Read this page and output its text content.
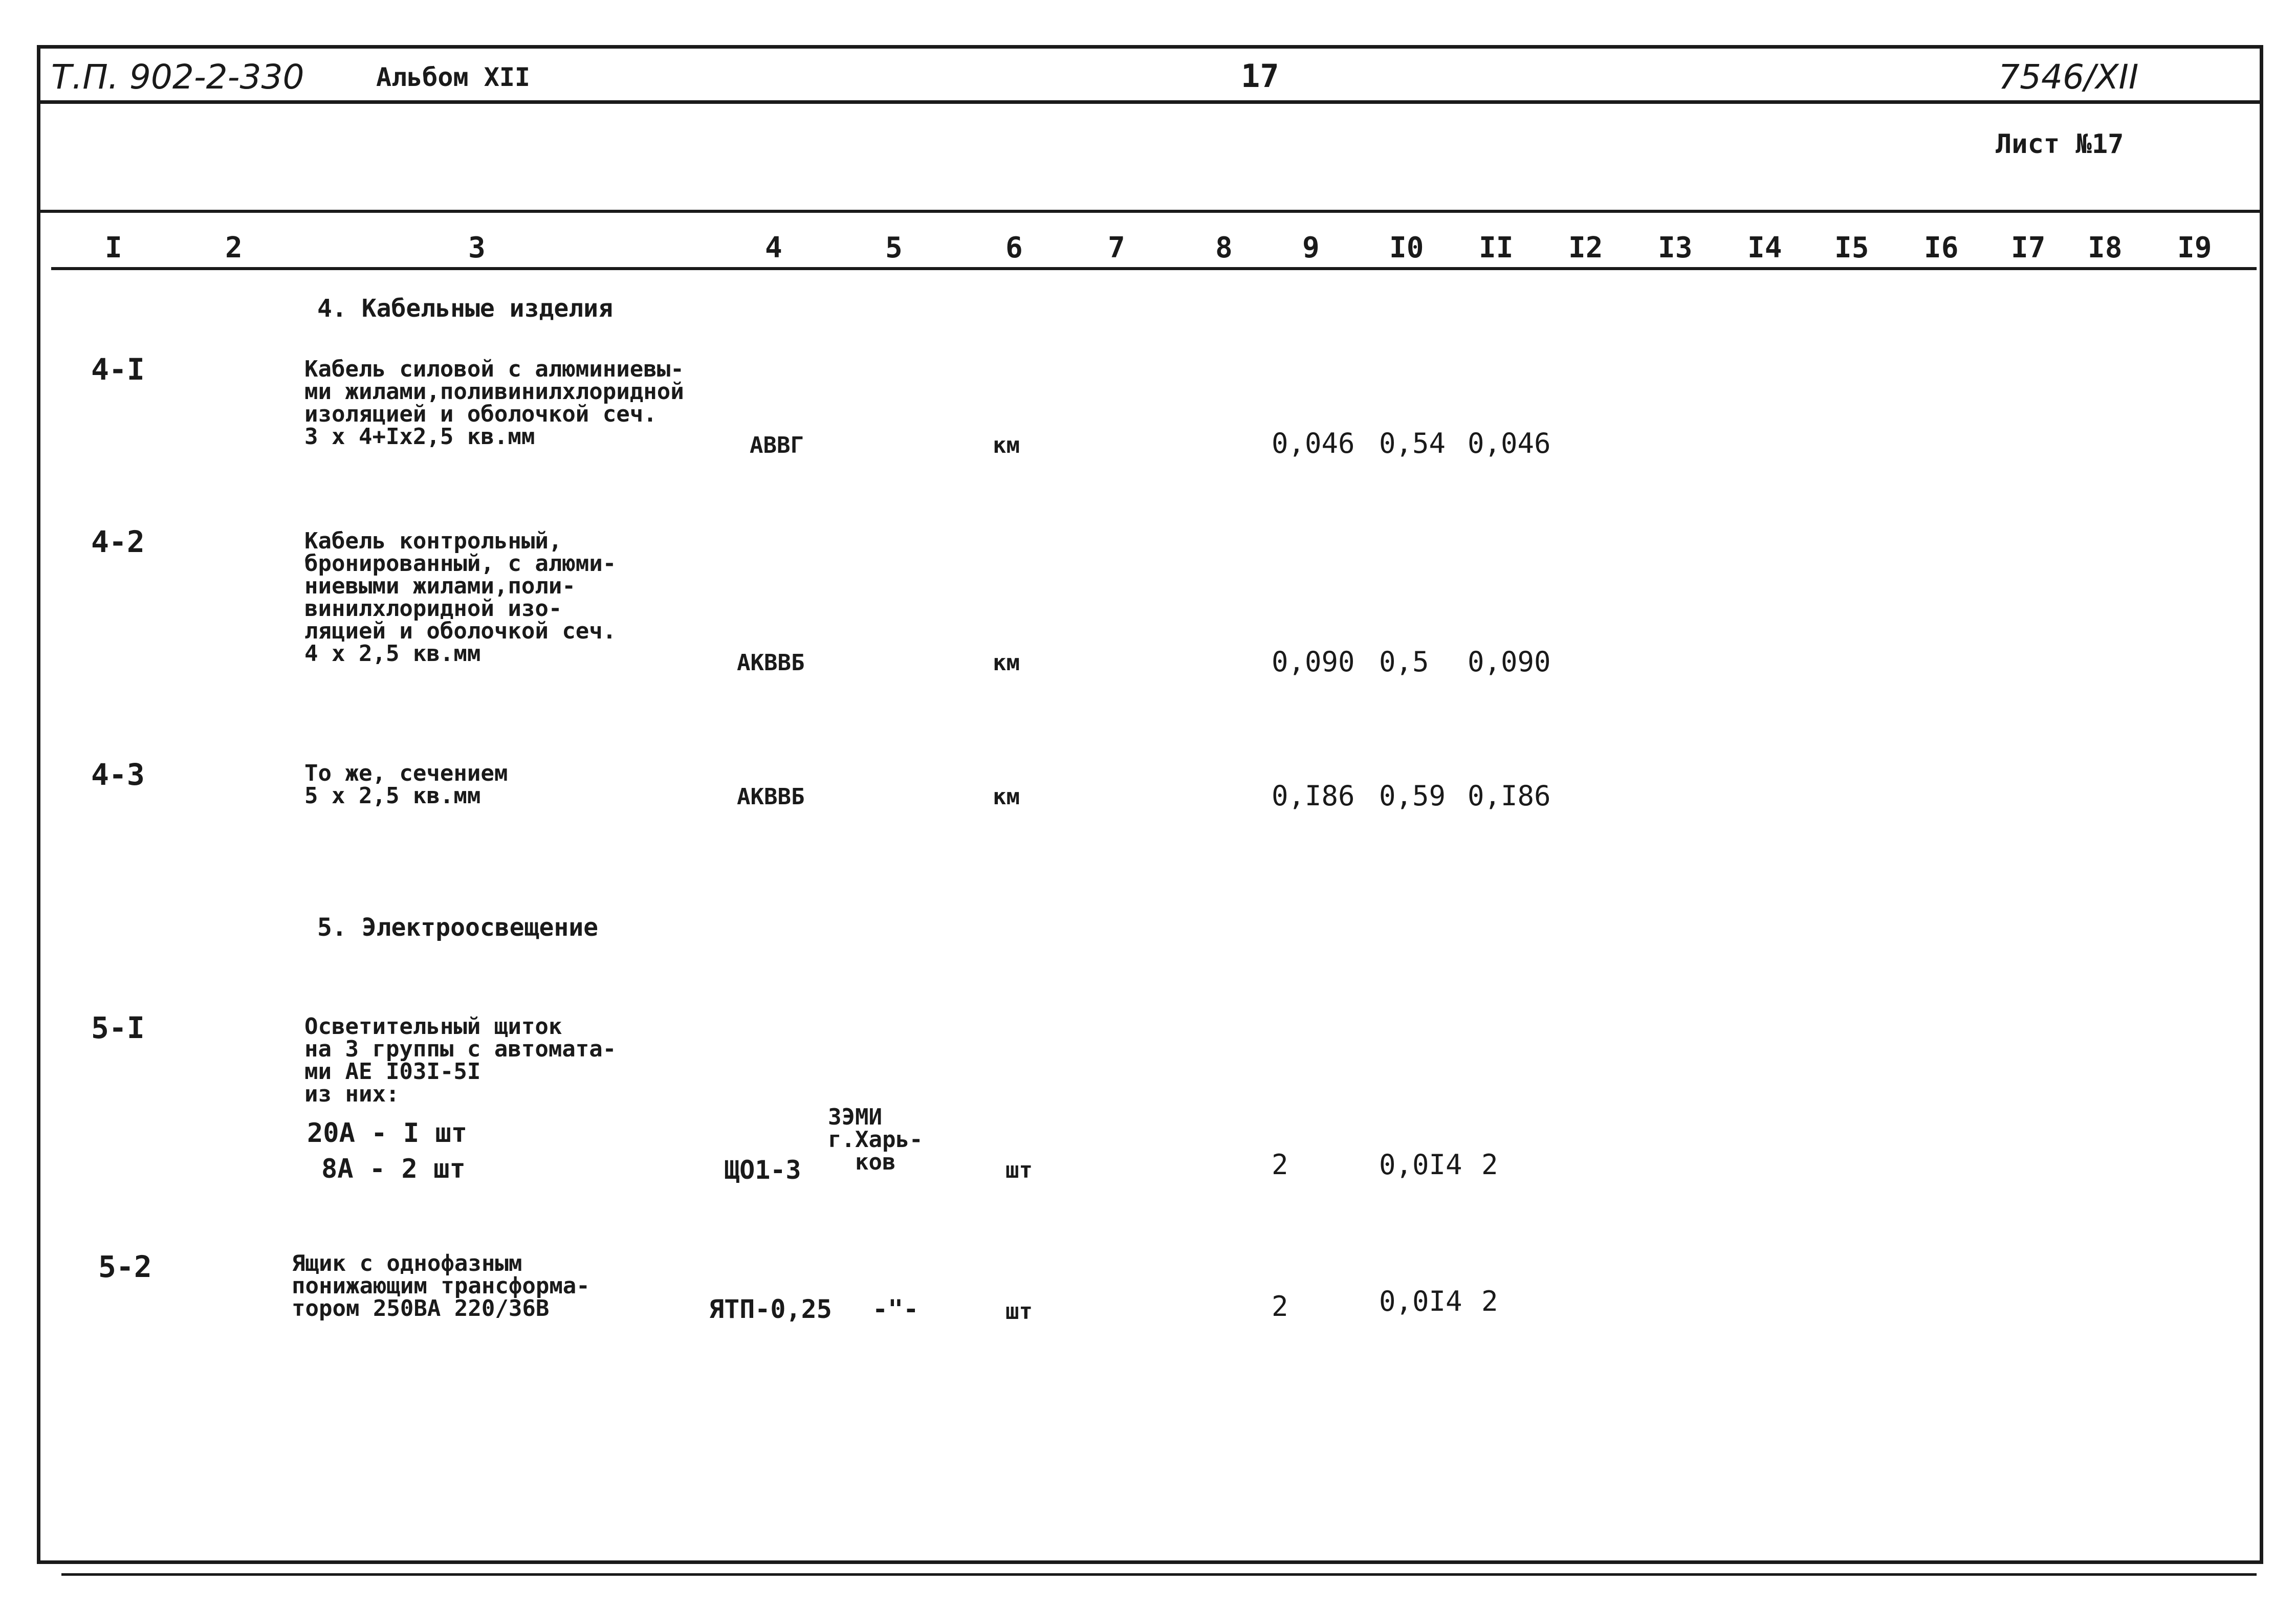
Т.П. 902-2-330	Альбом XII	17	7546/XII
Лист №17
I	2	3	4	5	6	7	8 9 I0 II I2 I3 I4 I5 I6 I7 I8 I9
4. Кабельные изделия
5. Электроосвещение
4-I	Кабель силовой с алюминиевы-
ми жилами,поливинилхлоридной
изоляцией и оболочкой сеч.
3 х 4+Iх2,5 кв.мм	АВВГ	км	0,046 0,54 0,046
4-2	Кабель контрольный,
бронированный, с алюми-
ниевыми жилами,поли-
винилхлоридной изо-
ляцией и оболочкой сеч.
4 х 2,5 кв.мм	АКВВБ	км	0,090 0,5 0,090
4-3	То же, сечением
5 х 2,5 кв.мм	АКВВБ	км	0,I86 0,59 0,I86
5-I	Осветительный щиток
на 3 группы с автомата-
ми АЕ I03I-5I
из них:
20А - I шт
8А - 2 шт	ЩО1-3
ЗЭМИ
г.Харь-
ков	шт	2	0,0I4 2
5-2	Ящик с однофазным
понижающим трансформа-
тором 250ВА 220/36В	ЯТП-0,25 -"-	шт	2	0,0I4 2
